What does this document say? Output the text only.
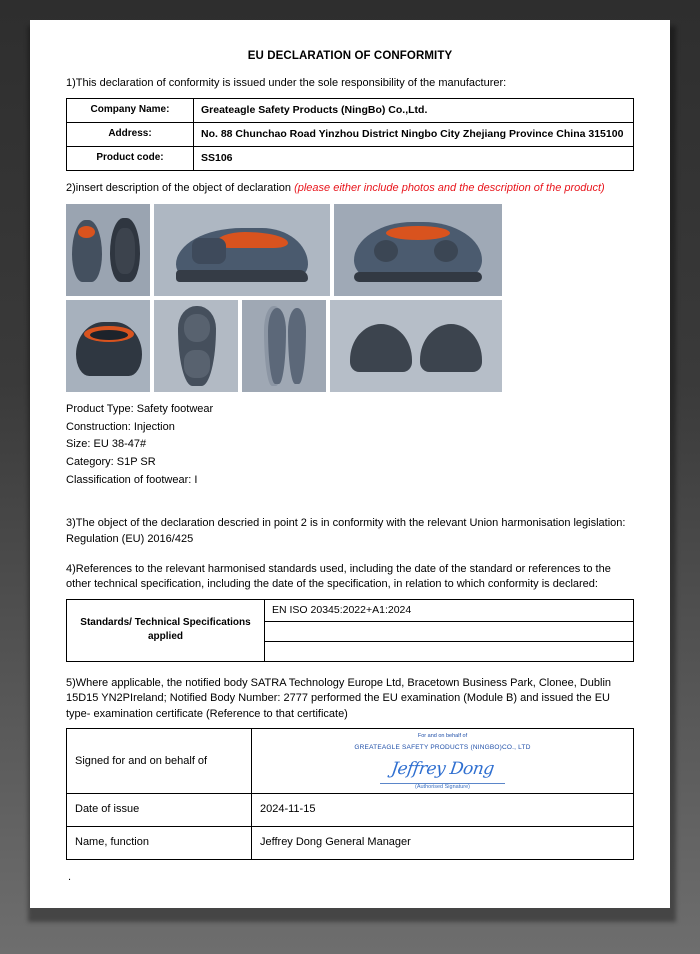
EU DECLARATION OF CONFORMITY

1)This declaration of conformity is issued under the sole responsibility of the manufacturer:

Company Name:	Greateagle Safety Products (NingBo) Co.,Ltd.
Address:	No. 88 Chunchao Road Yinzhou District Ningbo City Zhejiang Province China 315100
Product code:	SS106

2)insert description of the object of declaration (please either include photos and the description of the product)

Product Type: Safety footwear
Construction: Injection
Size: EU 38-47#
Category: S1P SR
Classification of footwear: I

3)The object of the declaration descried in point 2 is in conformity with the relevant Union harmonisation legislation: Regulation (EU) 2016/425

4)References to the relevant harmonised standards used, including the date of the standard or references to the other technical specification, including the date of the specification, in relation to which conformity is declared:

Standards/ Technical Specifications applied	EN ISO 20345:2022+A1:2024

5)Where applicable, the notified body SATRA Technology Europe Ltd, Bracetown Business Park, Clonee, Dublin 15D15 YN2PIreland; Notified Body Number: 2777 performed the EU examination (Module B) and issued the EU type- examination certificate (Reference to that certificate)

Signed for and on behalf of	For and on behalf of
GREATEAGLE SAFETY PRODUCTS (NINGBO)CO., LTD
Jeffrey Dong
(Authorised Signature)

Date of issue	2024-11-15
Name, function	Jeffrey Dong General Manager
.
